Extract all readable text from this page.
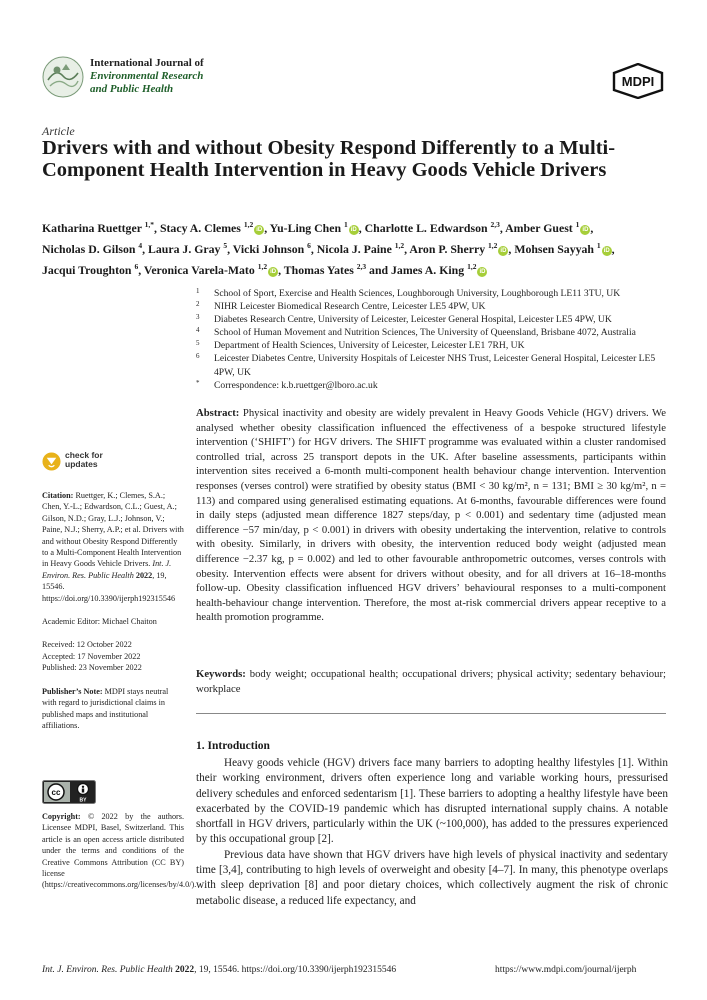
International Journal of
Environmental Research
and Public Health	MDPI
Article
Drivers with and without Obesity Respond Differently to a Multi-Component Health Intervention in Heavy Goods Vehicle Drivers
Katharina Ruettger $^{1,*}$, Stacy A. Clemes $^{1,2}$iD , Yu-Ling Chen $^1$iD , Charlotte L. Edwardson $^{2,3}$, Amber Guest $^1$iD ,
Nicholas D. Gilson $^4$, Laura J. Gray $^5$, Vicki Johnson $^6$, Nicola J. Paine $^{1,2}$, Aron P. Sherry $^{1,2}$iD , Mohsen Sayyah $^1$iD ,
Jacqui Troughton $^6$, Veronica Varela-Mato $^{1,2}$iD , Thomas Yates $^{2,3}$ and James A. King $^{1,2}$iD
1 School of Sport, Exercise and Health Sciences, Loughborough University, Loughborough LE11 3TU, UK
2 NIHR Leicester Biomedical Research Centre, Leicester LE5 4PW, UK
3 Diabetes Research Centre, University of Leicester, Leicester General Hospital, Leicester LE5 4PW, UK
4 School of Human Movement and Nutrition Sciences, The University of Queensland, Brisbane 4072, Australia
5 Department of Health Sciences, University of Leicester, Leicester LE1 7RH, UK
6 Leicester Diabetes Centre, University Hospitals of Leicester NHS Trust, Leicester General Hospital, Leicester LE5 4PW, UK
* Correspondence: k.b.ruettger@lboro.ac.uk
Abstract: Physical inactivity and obesity are widely prevalent in Heavy Goods Vehicle (HGV) drivers. We analysed whether obesity classification influenced the effectiveness of a bespoke structured lifestyle intervention (‘SHIFT’) for HGV drivers. The SHIFT programme was evaluated within a cluster randomised controlled trial, across 25 transport depots in the UK. After baseline assessments, participants within intervention sites received a 6-month multi-component health behaviour change intervention. Intervention responses (verses control) were stratified by obesity status (BMI < 30 kg/m², n = 131; BMI ≥ 30 kg/m², n = 113) and compared using generalised estimating equations. At 6-months, favourable differences were found in daily steps (adjusted mean difference 1827 steps/day, p < 0.001) and sedentary time (adjusted mean difference −57 min/day, p < 0.001) in drivers with obesity undertaking the intervention, relative to controls with obesity. Similarly, in drivers with obesity, the intervention reduced body weight (adjusted mean difference −2.37 kg, p = 0.002) and led to other favourable anthropometric outcomes, verses controls with obesity. Intervention effects were absent for drivers without obesity, and for all drivers at 16–18-months follow-up. Obesity classification influenced HGV drivers’ behavioural responses to a multi-component health-behaviour change intervention. Therefore, the most at-risk commercial drivers appear receptive to a health promotion programme.
Keywords: body weight; occupational health; occupational drivers; physical activity; sedentary behaviour; workplace
check for
updates

Citation: Ruettger, K.; Clemes, S.A.; Chen, Y.-L.; Edwardson, C.L.; Guest, A.; Gilson, N.D.; Gray, L.J.; Johnson, V.; Paine, N.J.; Sherry, A.P.; et al. Drivers with and without Obesity Respond Differently to a Multi-Component Health Intervention in Heavy Goods Vehicle Drivers. Int. J. Environ. Res. Public Health 2022, 19, 15546. https://doi.org/10.3390/ijerph192315546

Academic Editor: Michael Chaiton

Received: 12 October 2022

Accepted: 17 November 2022

Published: 23 November 2022

Publisher’s Note: MDPI stays neutral with regard to jurisdictional claims in published maps and institutional affiliations.

cc
BY
Copyright: © 2022 by the authors. Licensee MDPI, Basel, Switzerland. This article is an open access article distributed under the terms and conditions of the Creative Commons Attribution (CC BY) license (https://creativecommons.org/licenses/by/4.0/).
1. Introduction

Heavy goods vehicle (HGV) drivers face many barriers to adopting healthy lifestyles [1]. Within their working environment, drivers often experience long and variable working hours, pressurised delivery schedules and enforced sedentarism [1]. These barriers to adopting a healthy lifestyle have been exacerbated by the COVID-19 pandemic which has disrupted international supply chains. A notable shortfall in HGV drivers, particularly within the UK (~100,000), has added to the pressures experienced by this occupational group [2].

Previous data have shown that HGV drivers have high levels of physical inactivity and sedentary time [3,4], contributing to high levels of overweight and obesity [4–7]. In many, this phenotype overlaps with sleep deprivation [8] and poor dietary choices, which collectively augment the risk of chronic metabolic disease, a reduced life expectancy, and

Int. J. Environ. Res. Public Health 2022, 19, 15546. https://doi.org/10.3390/ijerph192315546	https://www.mdpi.com/journal/ijerph
